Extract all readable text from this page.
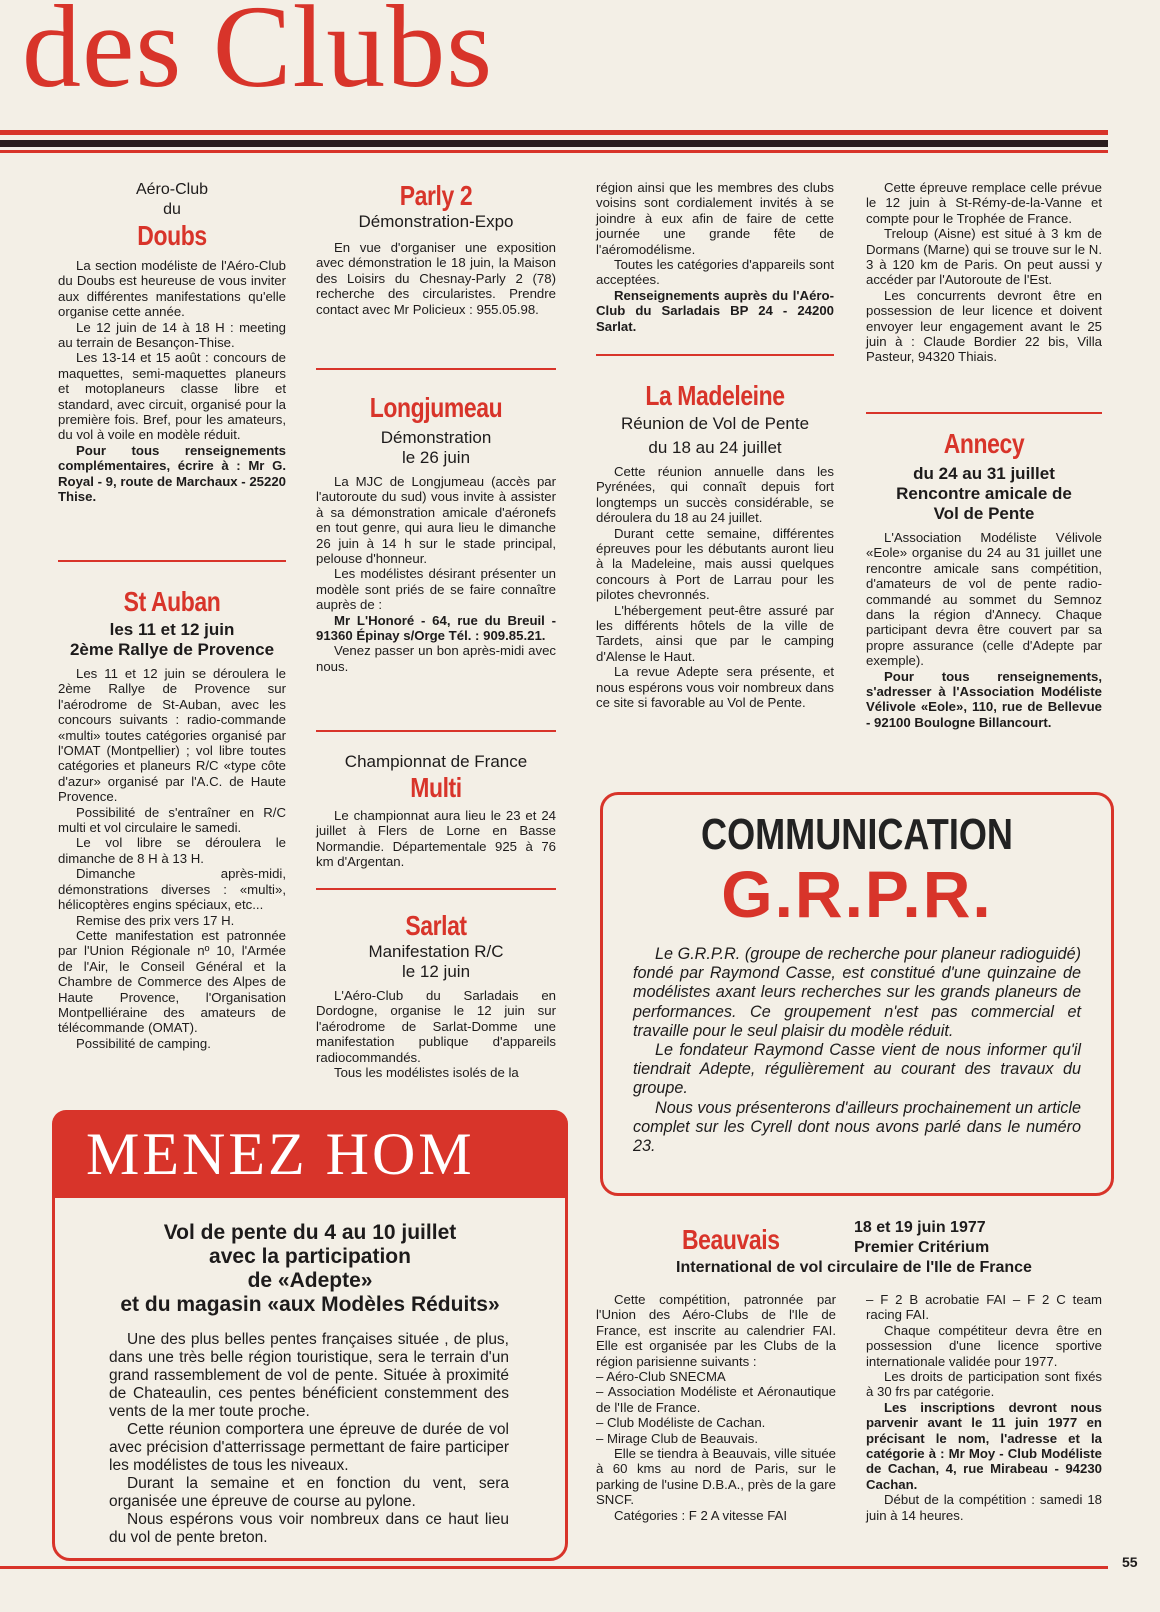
des Clubs
Aéro-Club
du
Doubs

La section modéliste de l'Aéro-Club du Doubs est heureuse de vous inviter aux différentes manifestations qu'elle organise cette année.

Le 12 juin de 14 à 18 H : meeting au terrain de Besançon-Thise.

Les 13-14 et 15 août : concours de maquettes, semi-maquettes planeurs et motoplaneurs classe libre et standard, avec circuit, organisé pour la première fois. Bref, pour les amateurs, du vol à voile en modèle réduit.

Pour tous renseignements complémentaires, écrire à : Mr G. Royal - 9, route de Marchaux - 25220 Thise.

St Auban
les 11 et 12 juin
2ème Rallye de Provence

Les 11 et 12 juin se déroulera le 2ème Rallye de Provence sur l'aérodrome de St-Auban, avec les concours suivants : radio-commande «multi» toutes catégories organisé par l'OMAT (Montpellier) ; vol libre toutes catégories et planeurs R/C «type côte d'azur» organisé par l'A.C. de Haute Provence.

Possibilité de s'entraîner en R/C multi et vol circulaire le samedi.

Le vol libre se déroulera le dimanche de 8 H à 13 H.

Dimanche après-midi, démonstrations diverses : «multi», hélicoptères engins spéciaux, etc...

Remise des prix vers 17 H.

Cette manifestation est patronnée par l'Union Régionale nº 10, l'Armée de l'Air, le Conseil Général et la Chambre de Commerce des Alpes de Haute Provence, l'Organisation Montpelliéraine des amateurs de télécommande (OMAT).

Possibilité de camping.

Parly 2
Démonstration-Expo

En vue d'organiser une exposition avec démonstration le 18 juin, la Maison des Loisirs du Chesnay-Parly 2 (78) recherche des circularistes. Prendre contact avec Mr Policieux : 955.05.98.

Longjumeau
Démonstration
le 26 juin

La MJC de Longjumeau (accès par l'autoroute du sud) vous invite à assister à sa démonstration amicale d'aéronefs en tout genre, qui aura lieu le dimanche 26 juin à 14 h sur le stade principal, pelouse d'honneur.

Les modélistes désirant présenter un modèle sont priés de se faire connaître auprès de :

Mr L'Honoré - 64, rue du Breuil - 91360 Épinay s/Orge Tél. : 909.85.21.

Venez passer un bon après-midi avec nous.

Championnat de France
Multi

Le championnat aura lieu le 23 et 24 juillet à Flers de Lorne en Basse Normandie. Départementale 925 à 76 km d'Argentan.

Sarlat
Manifestation R/C
le 12 juin

L'Aéro-Club du Sarladais en Dordogne, organise le 12 juin sur l'aérodrome de Sarlat-Domme une manifestation publique d'appareils radiocommandés.

Tous les modélistes isolés de la

région ainsi que les membres des clubs voisins sont cordialement invités à se joindre à eux afin de faire de cette journée une grande fête de l'aéromodélisme.

Toutes les catégories d'appareils sont acceptées.

Renseignements auprès du l'Aéro-Club du Sarladais BP 24 - 24200 Sarlat.

La Madeleine
Réunion de Vol de Pente
du 18 au 24 juillet

Cette réunion annuelle dans les Pyrénées, qui connaît depuis fort longtemps un succès considérable, se déroulera du 18 au 24 juillet.

Durant cette semaine, différentes épreuves pour les débutants auront lieu à la Madeleine, mais aussi quelques concours à Port de Larrau pour les pilotes chevronnés.

L'hébergement peut-être assuré par les différents hôtels de la ville de Tardets, ainsi que par le camping d'Alense le Haut.

La revue Adepte sera présente, et nous espérons vous voir nombreux dans ce site si favorable au Vol de Pente.

Cette épreuve remplace celle prévue le 12 juin à St-Rémy-de-la-Vanne et compte pour le Trophée de France.

Treloup (Aisne) est situé à 3 km de Dormans (Marne) qui se trouve sur le N. 3 à 120 km de Paris. On peut aussi y accéder par l'Autoroute de l'Est.

Les concurrents devront être en possession de leur licence et doivent envoyer leur engagement avant le 25 juin à : Claude Bordier 22 bis, Villa Pasteur, 94320 Thiais.

Annecy
du 24 au 31 juillet
Rencontre amicale de
Vol de Pente

L'Association Modéliste Vélivole «Eole» organise du 24 au 31 juillet une rencontre amicale sans compétition, d'amateurs de vol de pente radio-commandé au sommet du Semnoz dans la région d'Annecy. Chaque participant devra être couvert par sa propre assurance (celle d'Adepte par exemple).

Pour tous renseignements, s'adresser à l'Association Modéliste Vélivole «Eole», 110, rue de Bellevue - 92100 Boulogne Billancourt.

COMMUNICATION
G.R.P.R.

Le G.R.P.R. (groupe de recherche pour planeur radioguidé) fondé par Raymond Casse, est constitué d'une quinzaine de modélistes axant leurs recherches sur les grands planeurs de performances. Ce groupement n'est pas commercial et travaille pour le seul plaisir du modèle réduit.

Le fondateur Raymond Casse vient de nous informer qu'il tiendrait Adepte, régulièrement au courant des travaux du groupe.

Nous vous présenterons d'ailleurs prochainement un article complet sur les Cyrell dont nous avons parlé dans le numéro 23.

MENEZ HOM
Vol de pente du 4 au 10 juillet
avec la participation
de «Adepte»
et du magasin «aux Modèles Réduits»

Une des plus belles pentes françaises située , de plus, dans une très belle région touristique, sera le terrain d'un grand rassemblement de vol de pente. Située à proximité de Chateaulin, ces pentes bénéficient constemment des vents de la mer toute proche.

Cette réunion comportera une épreuve de durée de vol avec précision d'atterrissage permettant de faire participer les modélistes de tous les niveaux.

Durant la semaine et en fonction du vent, sera organisée une épreuve de course au pylone.

Nous espérons vous voir nombreux dans ce haut lieu du vol de pente breton.

Beauvais	18 et 19 juin 1977
Premier Critérium
International de vol circulaire de l'Ile de France

Cette compétition, patronnée par l'Union des Aéro-Clubs de l'Ile de France, est inscrite au calendrier FAI. Elle est organisée par les Clubs de la région parisienne suivants :

– Aéro-Club SNECMA
– Association Modéliste et Aéronautique de l'Ile de France.
– Club Modéliste de Cachan.
– Mirage Club de Beauvais.

Elle se tiendra à Beauvais, ville située à 60 kms au nord de Paris, sur le parking de l'usine D.B.A., près de la gare SNCF.

Catégories : F 2 A vitesse FAI

– F 2 B acrobatie FAI – F 2 C team racing FAI.

Chaque compétiteur devra être en possession d'une licence sportive internationale validée pour 1977.

Les droits de participation sont fixés à 30 frs par catégorie.

Les inscriptions devront nous parvenir avant le 11 juin 1977 en précisant le nom, l'adresse et la catégorie à : Mr Moy - Club Modéliste de Cachan, 4, rue Mirabeau - 94230 Cachan.

Début de la compétition : samedi 18 juin à 14 heures.

55
